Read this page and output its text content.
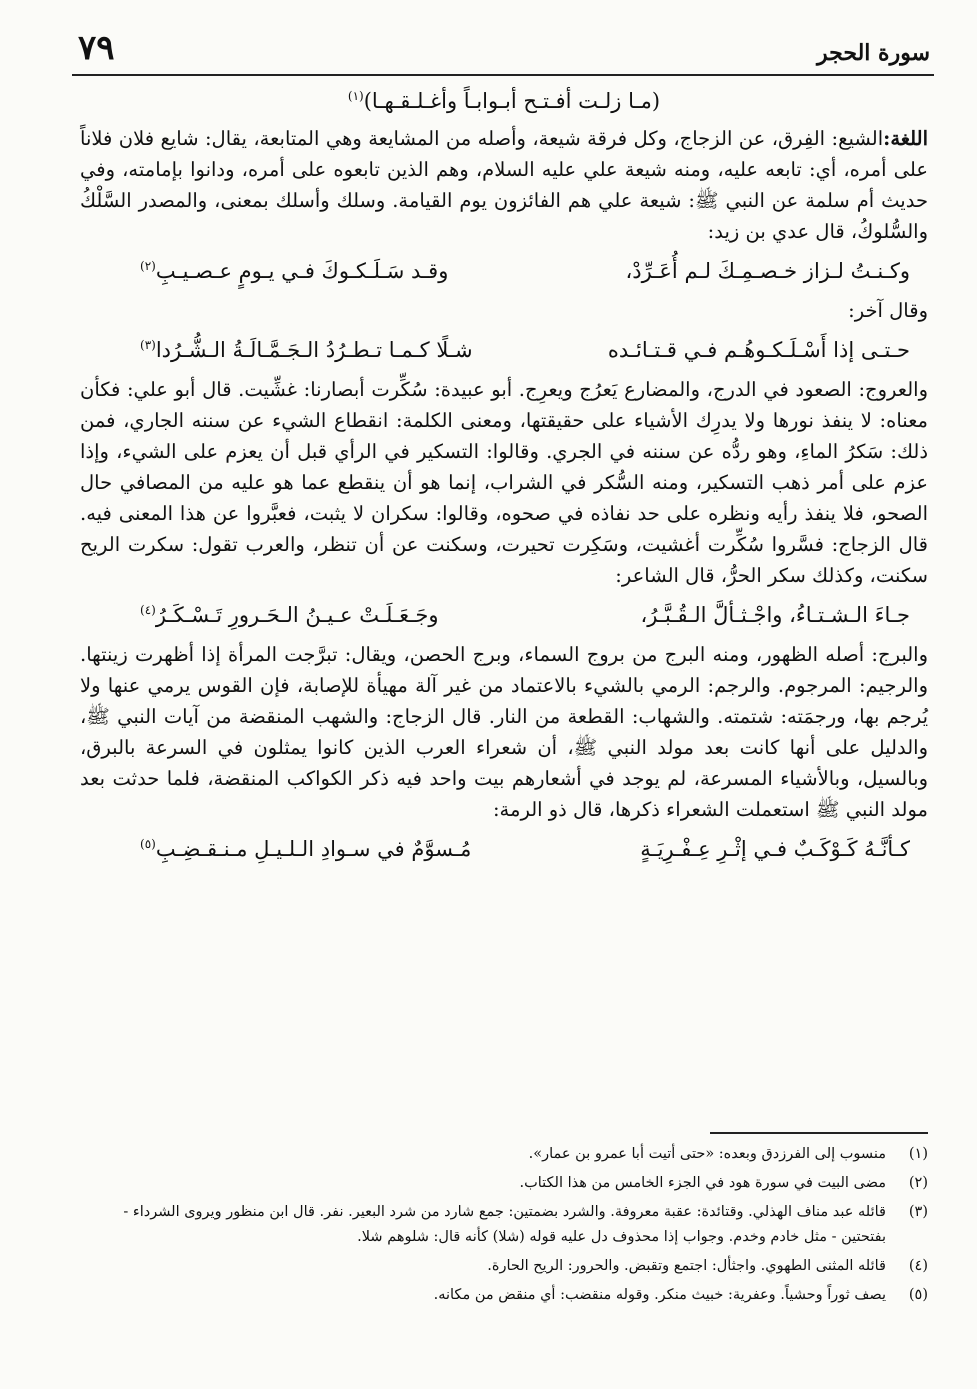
سورة الحجر
٧٩
(مـا زلـت أفـتـح أبـوابـاً وأغـلـقـهـا)$^{(١)}$

اللغة:الشيع: الفِرق، عن الزجاج، وكل فرقة شيعة، وأصله من المشايعة وهي المتابعة، يقال: شايع فلان فلاناً على أمره، أي: تابعه عليه، ومنه شيعة علي عليه السلام، وهم الذين تابعوه على أمره، ودانوا بإمامته، وفي حديث أم سلمة عن النبي ﷺ: شيعة علي هم الفائزون يوم القيامة. وسلك وأسلك بمعنى، والمصدر السَّلْكُ والسُّلوكُ، قال عدي بن زيد:

وكـنـتُ لـزاز خـصـمِـكَ لـم أُعَـرِّدْ،
وقـد سَـلَـكـوكَ فـي يـومٍ عـصـيـبِ$^{(٢)}$

وقال آخر:

حـتـى إذا أَسْـلَـكـوهُـم فـي قـتـائـده
شـلًا كـمـا تـطـرُدُ الـجَـمَّـالَـةُ الـشُّـرُدا$^{(٣)}$

والعروج: الصعود في الدرج، والمضارع يَعرُج ويعرِج. أبو عبيدة: سُكِّرت أبصارنا: غشِّيت. قال أبو علي: فكأن معناه: لا ينفذ نورها ولا يدرِك الأشياء على حقيقتها، ومعنى الكلمة: انقطاع الشيء عن سننه الجاري، فمن ذلك: سَكرُ الماءِ، وهو ردُّه عن سننه في الجري. وقالوا: التسكير في الرأي قبل أن يعزم على الشيء، وإذا عزم على أمر ذهب التسكير، ومنه السُّكر في الشراب، إنما هو أن ينقطع عما هو عليه من المصافي حال الصحو، فلا ينفذ رأيه ونظره على حد نفاذه في صحوه، وقالوا: سكران لا يثبت، فعبَّروا عن هذا المعنى فيه. قال الزجاج: فسَّروا سُكِّرت أغشيت، وسَكِرت تحيرت، وسكنت عن أن تنظر، والعرب تقول: سكرت الريح سكنت، وكذلك سكر الحرُّ، قال الشاعر:

جـاءَ الـشـتـاءُ، واجْـثـألَّ الـقُـبَّـرُ،
وجَـعَـلَـتْ عـيـنُ الـحَـرورِ تَـسْـكَـرُ$^{(٤)}$

والبرج: أصله الظهور، ومنه البرج من بروج السماء، وبرج الحصن، ويقال: تبرَّجت المرأة إذا أظهرت زينتها. والرجيم: المرجوم. والرجم: الرمي بالشيء بالاعتماد من غير آلة مهيأة للإصابة، فإن القوس يرمي عنها ولا يُرجم بها، ورجمَته: شتمته. والشهاب: القطعة من النار. قال الزجاج: والشهب المنقضة من آيات النبي ﷺ، والدليل على أنها كانت بعد مولد النبي ﷺ، أن شعراء العرب الذين كانوا يمثلون في السرعة بالبرق، وبالسيل، وبالأشياء المسرعة، لم يوجد في أشعارهم بيت واحد فيه ذكر الكواكب المنقضة، فلما حدثت بعد مولد النبي ﷺ استعملت الشعراء ذكرها، قال ذو الرمة:

كـأنَّـهُ كَـوْكَـبٌ فـي إثْـرِ عِـفْـرِيَـةٍ
مُـسوَّمٌ في سـوادِ الـلـيـلِ مـنـقـضِـبِ$^{(٥)}$
(١)
منسوب إلى الفرزدق وبعده: «حتى أتيت أبا عمرو بن عمار».
(٢)
مضى البيت في سورة هود في الجزء الخامس من هذا الكتاب.
(٣)
قائله عبد مناف الهذلي. وقتائدة: عقبة معروفة. والشرد بضمتين: جمع شارد من شرد البعير. نفر. قال ابن منظور ويروى الشرداء - بفتحتين - مثل خادم وخدم. وجواب إذا محذوف دل عليه قوله (شلا) كأنه قال: شلوهم شلا.
(٤)
قائله المثنى الطهوي. واجثأل: اجتمع وتقبض. والحرور: الريح الحارة.
(٥)
يصف ثوراً وحشياً. وعفرية: خبيث منكر. وقوله منقضب: أي منقض من مكانه.
